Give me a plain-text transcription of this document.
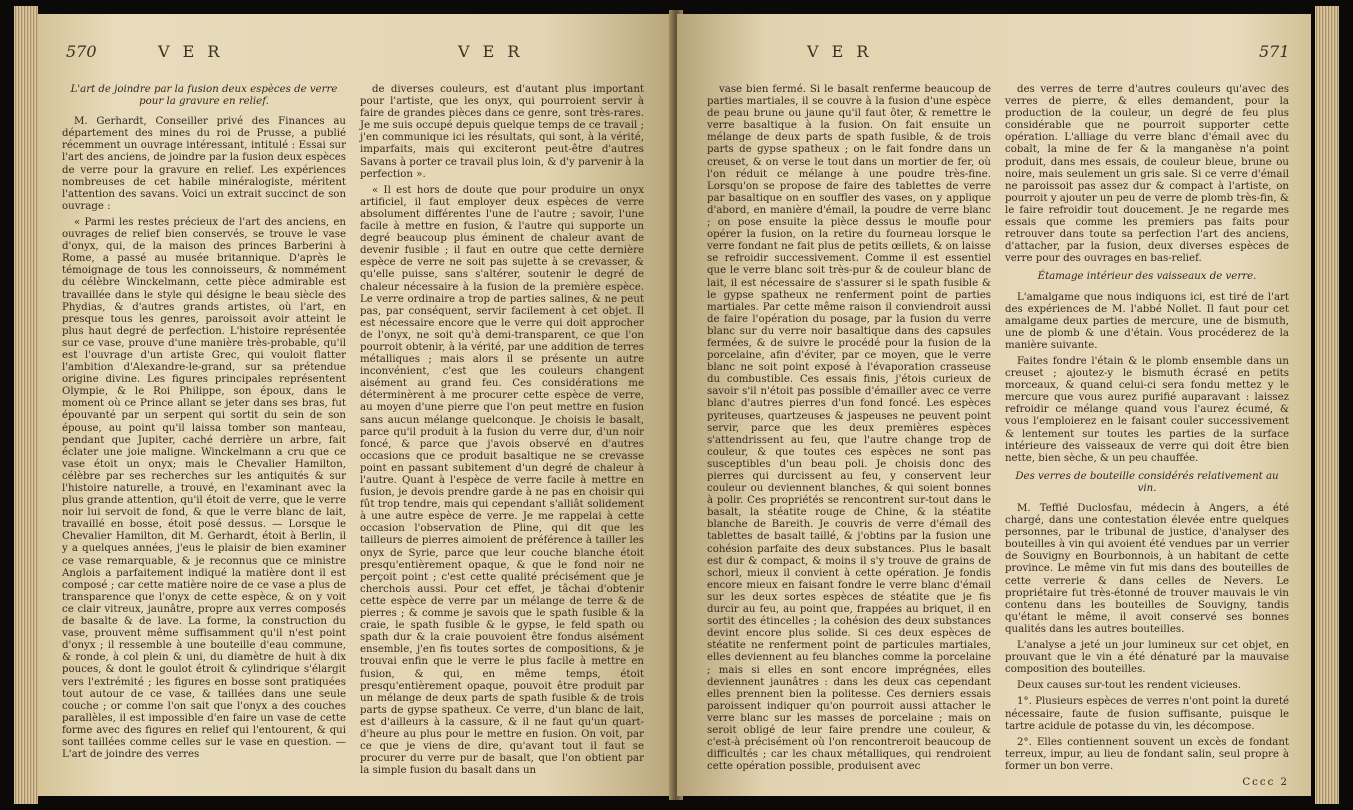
570	V E R	V E R

L'art de joindre par la fusion deux espèces de verre pour la gravure en relief.

M. Gerhardt, Conseiller privé des Finances au département des mines du roi de Prusse, a publié récemment un ouvrage intéressant, intitulé : Essai sur l'art des anciens, de joindre par la fusion deux espèces de verre pour la gravure en relief. Les expériences nombreuses de cet habile minéralogiste, méritent l'attention des savans. Voici un extrait succinct de son ouvrage :

« Parmi les restes précieux de l'art des anciens, en ouvrages de relief bien conservés, se trouve le vase d'onyx, qui, de la maison des princes Barberini à Rome, a passé au musée britannique. D'après le témoignage de tous les connoisseurs, & nommément du célèbre Winckelmann, cette pièce admirable est travaillée dans le style qui désigne le beau siècle des Phydias, & d'autres grands artistes, où l'art, en presque tous les genres, paroissoit avoir atteint le plus haut degré de perfection. L'histoire représentée sur ce vase, prouve d'une manière très-probable, qu'il est l'ouvrage d'un artiste Grec, qui vouloit flatter l'ambition d'Alexandre-le-grand, sur sa prétendue origine divine. Les figures principales représentent Olympie, & le Roi Philippe, son époux, dans le moment où ce Prince allant se jeter dans ses bras, fut épouvanté par un serpent qui sortit du sein de son épouse, au point qu'il laissa tomber son manteau, pendant que Jupiter, caché derrière un arbre, fait éclater une joie maligne. Winckelmann a cru que ce vase étoit un onyx; mais le Chevalier Hamilton, célèbre par ses recherches sur les antiquités & sur l'histoire naturelle, a trouvé, en l'examinant avec la plus grande attention, qu'il étoit de verre, que le verre noir lui servoit de fond, & que le verre blanc de lait, travaillé en bosse, étoit posé dessus. — Lorsque le Chevalier Hamilton, dit M. Gerhardt, étoit à Berlin, il y a quelques années, j'eus le plaisir de bien examiner ce vase remarquable, & je reconnus que ce ministre Anglois a parfaitement indiqué la matière dont il est composé ; car cette matière noire de ce vase a plus de transparence que l'onyx de cette espèce, & on y voit ce clair vitreux, jaunâtre, propre aux verres composés de basalte & de lave. La forme, la construction du vase, prouvent même suffisamment qu'il n'est point d'onyx ; il ressemble à une bouteille d'eau commune, & ronde, à col plein & uni, du diamètre de huit à dix pouces, & dont le goulot étroit & cylindrique s'élargit vers l'extrémité ; les figures en bosse sont pratiquées tout autour de ce vase, & taillées dans une seule couche ; or comme l'on sait que l'onyx a des couches parallèles, il est impossible d'en faire un vase de cette forme avec des figures en relief qui l'entourent, & qui sont taillées comme celles sur le vase en question. — L'art de joindre des verres

de diverses couleurs, est d'autant plus important pour l'artiste, que les onyx, qui pourroient servir à faire de grandes pièces dans ce genre, sont très-rares. Je me suis occupé depuis quelque temps de ce travail ; j'en communique ici les résultats, qui sont, à la vérité, imparfaits, mais qui exciteront peut-être d'autres Savans à porter ce travail plus loin, & d'y parvenir à la perfection ».

« Il est hors de doute que pour produire un onyx artificiel, il faut employer deux espèces de verre absolument différentes l'une de l'autre ; savoir, l'une facile à mettre en fusion, & l'autre qui supporte un degré beaucoup plus éminent de chaleur avant de devenir fusible ; il faut en outre que cette dernière espèce de verre ne soit pas sujette à se crevasser, & qu'elle puisse, sans s'altérer, soutenir le degré de chaleur nécessaire à la fusion de la première espèce. Le verre ordinaire a trop de parties salines, & ne peut pas, par conséquent, servir facilement à cet objet. Il est nécessaire encore que le verre qui doit approcher de l'onyx, ne soit qu'à demi-transparent, ce que l'on pourroit obtenir, à la vérité, par une addition de terres métalliques ; mais alors il se présente un autre inconvénient, c'est que les couleurs changent aisément au grand feu. Ces considérations me déterminèrent à me procurer cette espèce de verre, au moyen d'une pierre que l'on peut mettre en fusion sans aucun mélange quelconque. Je choisis le basalt, parce qu'il produit à la fusion du verre dur, d'un noir foncé, & parce que j'avois observé en d'autres occasions que ce produit basaltique ne se crevasse point en passant subitement d'un degré de chaleur à l'autre. Quant à l'espèce de verre facile à mettre en fusion, je devois prendre garde à ne pas en choisir qui fût trop tendre, mais qui cependant s'alliât solidement à une autre espèce de verre. Je me rappelai à cette occasion l'observation de Pline, qui dit que les tailleurs de pierres aimoient de préférence à tailler les onyx de Syrie, parce que leur couche blanche étoit presqu'entièrement opaque, & que le fond noir ne perçoit point ; c'est cette qualité précisément que je cherchois aussi. Pour cet effet, je tâchai d'obtenir cette espèce de verre par un mélange de terre & de pierres ; & comme je savois que le spath fusible & la craie, le spath fusible & le gypse, le feld spath ou spath dur & la craie pouvoient être fondus aisément ensemble, j'en fis toutes sortes de compositions, & je trouvai enfin que le verre le plus facile à mettre en fusion, & qui, en même temps, étoit presqu'entièrement opaque, pouvoit être produit par un mélange de deux parts de spath fusible & de trois parts de gypse spatheux. Ce verre, d'un blanc de lait, est d'ailleurs à la cassure, & il ne faut qu'un quart-d'heure au plus pour le mettre en fusion. On voit, par ce que je viens de dire, qu'avant tout il faut se procurer du verre pur de basalt, que l'on obtient par la simple fusion du basalt dans un

V E R	571

vase bien fermé. Si le basalt renferme beaucoup de parties martiales, il se couvre à la fusion d'une espèce de peau brune ou jaune qu'il faut ôter, & remettre le verre basaltique à la fusion. On fait ensuite un mélange de deux parts de spath fusible, & de trois parts de gypse spatheux ; on le fait fondre dans un creuset, & on verse le tout dans un mortier de fer, où l'on réduit ce mélange à une poudre très-fine. Lorsqu'on se propose de faire des tablettes de verre par basaltique on en souffler des vases, on y applique d'abord, en manière d'émail, la poudre de verre blanc ; on pose ensuite la pièce dessus le moufle pour opérer la fusion, on la retire du fourneau lorsque le verre fondant ne fait plus de petits œillets, & on laisse se refroidir successivement. Comme il est essentiel que le verre blanc soit très-pur & de couleur blanc de lait, il est nécessaire de s'assurer si le spath fusible & le gypse spatheux ne renferment point de parties martiales. Par cette même raison il conviendroit aussi de faire l'opération du posage, par la fusion du verre blanc sur du verre noir basaltique dans des capsules fermées, & de suivre le procédé pour la fusion de la porcelaine, afin d'éviter, par ce moyen, que le verre blanc ne soit point exposé à l'évaporation crasseuse du combustible. Ces essais finis, j'étois curieux de savoir s'il n'étoit pas possible d'émailler avec ce verre blanc d'autres pierres d'un fond foncé. Les espèces pyriteuses, quartzeuses & jaspeuses ne peuvent point servir, parce que les deux premières espèces s'attendrissent au feu, que l'autre change trop de couleur, & que toutes ces espèces ne sont pas susceptibles d'un beau poli. Je choisis donc des pierres qui durcissent au feu, y conservent leur couleur ou deviennent blanches, & qui soient bonnes à polir. Ces propriétés se rencontrent sur-tout dans le basalt, la stéatite rouge de Chine, & la stéatite blanche de Bareith. Je couvris de verre d'émail des tablettes de basalt taillé, & j'obtins par la fusion une cohésion parfaite des deux substances. Plus le basalt est dur & compact, & moins il s'y trouve de grains de schorl, mieux il convient à cette opération. Je fondis encore mieux en faisant fondre le verre blanc d'émail sur les deux sortes espèces de stéatite que je fis durcir au feu, au point que, frappées au briquet, il en sortit des étincelles ; la cohésion des deux substances devint encore plus solide. Si ces deux espèces de stéatite ne renferment point de particules martiales, elles deviennent au feu blanches comme la porcelaine ; mais si elles en sont encore imprégnées, elles deviennent jaunâtres : dans les deux cas cependant elles prennent bien la politesse. Ces derniers essais paroissent indiquer qu'on pourroit aussi attacher le verre blanc sur les masses de porcelaine ; mais on seroit obligé de leur faire prendre une couleur, & c'est-à précisément où l'on rencontreroit beaucoup de difficultés ; car les chaux métalliques, qui rendroient cette opération possible, produisent avec

des verres de terre d'autres couleurs qu'avec des verres de pierre, & elles demandent, pour la production de la couleur, un degré de feu plus considérable que ne pourroit supporter cette opération. L'alliage du verre blanc d'émail avec du cobalt, la mine de fer & la manganèse n'a point produit, dans mes essais, de couleur bleue, brune ou noire, mais seulement un gris sale. Si ce verre d'émail ne paroissoit pas assez dur & compact à l'artiste, on pourroit y ajouter un peu de verre de plomb très-fin, & le faire refroidir tout doucement. Je ne regarde mes essais que comme les premiers pas faits pour retrouver dans toute sa perfection l'art des anciens, d'attacher, par la fusion, deux diverses espèces de verre pour des ouvrages en bas-relief.

Étamage intérieur des vaisseaux de verre.

L'amalgame que nous indiquons ici, est tiré de l'art des expériences de M. l'abbé Nollet. Il faut pour cet amalgame deux parties de mercure, une de bismuth, une de plomb & une d'étain. Vous procéderez de la manière suivante.

Faites fondre l'étain & le plomb ensemble dans un creuset ; ajoutez-y le bismuth écrasé en petits morceaux, & quand celui-ci sera fondu mettez y le mercure que vous aurez purifié auparavant : laissez refroidir ce mélange quand vous l'aurez écumé, & vous l'emploierez en le faisant couler successivement & lentement sur toutes les parties de la surface intérieure des vaisseaux de verre qui doit être bien nette, bien sèche, & un peu chauffée.

Des verres de bouteille considérés relativement au vin.

M. Teffié Duclosfau, médecin à Angers, a été chargé, dans une contestation élevée entre quelques personnes, par le tribunal de justice, d'analyser des bouteilles à vin qui avoient été vendues par un verrier de Souvigny en Bourbonnois, à un habitant de cette province. Le même vin fut mis dans des bouteilles de cette verrerie & dans celles de Nevers. Le propriétaire fut très-étonné de trouver mauvais le vin contenu dans les bouteilles de Souvigny, tandis qu'étant le même, il avoit conservé ses bonnes qualités dans les autres bouteilles.

L'analyse a jeté un jour lumineux sur cet objet, en prouvant que le vin a été dénaturé par la mauvaise composition des bouteilles.

Deux causes sur-tout les rendent vicieuses.

1°. Plusieurs espèces de verres n'ont point la dureté nécessaire, faute de fusion suffisante, puisque le tartre acidule de potasse du vin, les décompose.

2°. Elles contiennent souvent un excès de fondant terreux, impur, au lieu de fondant salin, seul propre à former un bon verre.

Cccc 2
